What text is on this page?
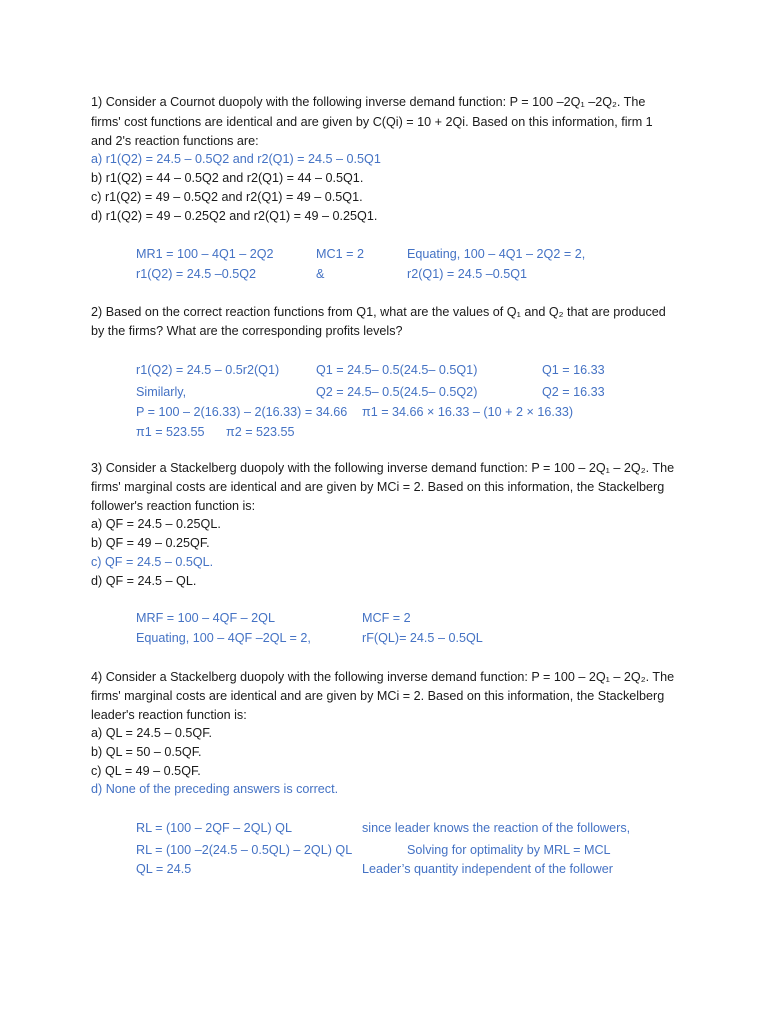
1) Consider a Cournot duopoly with the following inverse demand function: P = 100 –2Q₁ –2Q₂. The
firms' cost functions are identical and are given by C(Qi) = 10 + 2Qi. Based on this information, firm 1
and 2's reaction functions are:
a) r1(Q2) = 24.5 – 0.5Q2 and r2(Q1) = 24.5 – 0.5Q1
b) r1(Q2) = 44 – 0.5Q2 and r2(Q1) = 44 – 0.5Q1.
c) r1(Q2) = 49 – 0.5Q2 and r2(Q1) = 49 – 0.5Q1.
d) r1(Q2) = 49 – 0.25Q2 and r2(Q1) = 49 – 0.25Q1.
MR1 = 100 – 4Q1 – 2Q2	MC1 = 2	Equating, 100 – 4Q1 – 2Q2 = 2,
r1(Q2) = 24.5 –0.5Q2	&	r2(Q1) = 24.5 –0.5Q1
2) Based on the correct reaction functions from Q1, what are the values of Q₁ and Q₂ that are produced
by the firms? What are the corresponding profits levels?
r1(Q2) = 24.5 – 0.5r2(Q1)	Q1 = 24.5– 0.5(24.5– 0.5Q1)	Q1 = 16.33
Similarly,	Q2 = 24.5– 0.5(24.5– 0.5Q2)	Q2 = 16.33
P = 100 – 2(16.33) – 2(16.33) = 34.66 π1 = 34.66 × 16.33 – (10 + 2 × 16.33)
π1 = 523.55 π2 = 523.55
3) Consider a Stackelberg duopoly with the following inverse demand function: P = 100 – 2Q₁ – 2Q₂. The
firms' marginal costs are identical and are given by MCi = 2. Based on this information, the Stackelberg
follower's reaction function is:
a) QF = 24.5 – 0.25QL.
b) QF = 49 – 0.25QF.
c) QF = 24.5 – 0.5QL.
d) QF = 24.5 – QL.
MRF = 100 – 4QF – 2QL	MCF = 2
Equating, 100 – 4QF –2QL = 2,	rF(QL)= 24.5 – 0.5QL
4) Consider a Stackelberg duopoly with the following inverse demand function: P = 100 – 2Q₁ – 2Q₂. The
firms' marginal costs are identical and are given by MCi = 2. Based on this information, the Stackelberg
leader's reaction function is:
a) QL = 24.5 – 0.5QF.
b) QL = 50 – 0.5QF.
c) QL = 49 – 0.5QF.
d) None of the preceding answers is correct.
RL = (100 – 2QF – 2QL) QL	since leader knows the reaction of the followers,
RL = (100 –2(24.5 – 0.5QL) – 2QL) QL	Solving for optimality by MRL = MCL
QL = 24.5	Leader’s quantity independent of the follower
